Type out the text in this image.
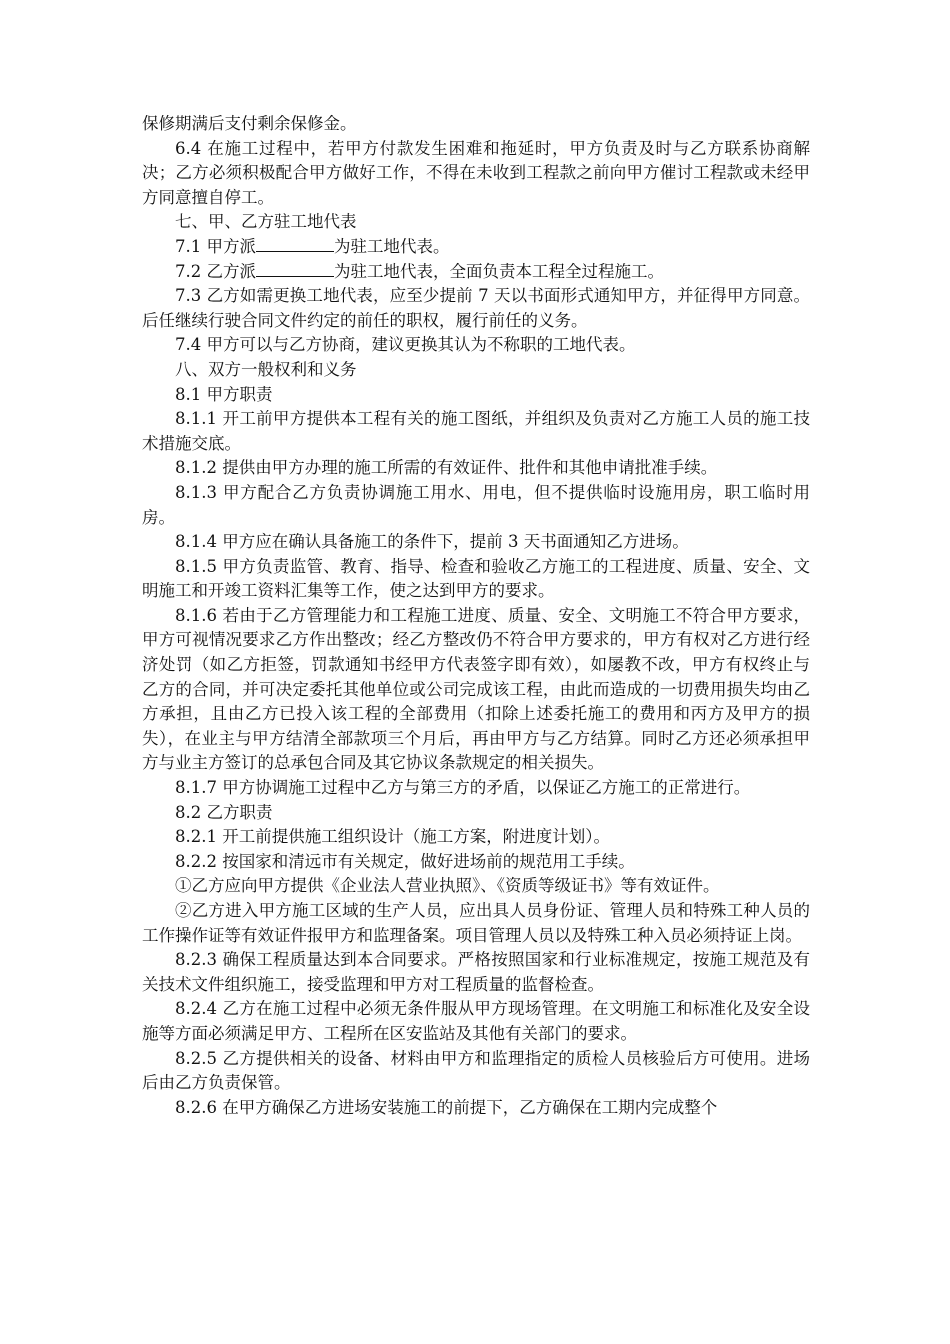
保修期满后支付剩余保修金。

6.4 在施工过程中，若甲方付款发生困难和拖延时，甲方负责及时与乙方联系协商解决；乙方必须积极配合甲方做好工作，不得在未收到工程款之前向甲方催讨工程款或未经甲方同意擅自停工。

七、甲、乙方驻工地代表

7.1 甲方派	为驻工地代表。

7.2 乙方派	为驻工地代表，全面负责本工程全过程施工。

7.3 乙方如需更换工地代表，应至少提前 7 天以书面形式通知甲方，并征得甲方同意。后任继续行驶合同文件约定的前任的职权，履行前任的义务。

7.4 甲方可以与乙方协商，建议更换其认为不称职的工地代表。

八、双方一般权利和义务

8.1 甲方职责

8.1.1 开工前甲方提供本工程有关的施工图纸，并组织及负责对乙方施工人员的施工技术措施交底。

8.1.2 提供由甲方办理的施工所需的有效证件、批件和其他申请批准手续。

8.1.3 甲方配合乙方负责协调施工用水、用电，但不提供临时设施用房，职工临时用房。

8.1.4 甲方应在确认具备施工的条件下，提前 3 天书面通知乙方进场。

8.1.5 甲方负责监管、教育、指导、检查和验收乙方施工的工程进度、质量、安全、文明施工和开竣工资料汇集等工作，使之达到甲方的要求。

8.1.6 若由于乙方管理能力和工程施工进度、质量、安全、文明施工不符合甲方要求，甲方可视情况要求乙方作出整改；经乙方整改仍不符合甲方要求的，甲方有权对乙方进行经济处罚（如乙方拒签，罚款通知书经甲方代表签字即有效），如屡教不改，甲方有权终止与乙方的合同，并可决定委托其他单位或公司完成该工程，由此而造成的一切费用损失均由乙方承担，且由乙方已投入该工程的全部费用（扣除上述委托施工的费用和丙方及甲方的损失），在业主与甲方结清全部款项三个月后，再由甲方与乙方结算。同时乙方还必须承担甲方与业主方签订的总承包合同及其它协议条款规定的相关损失。

8.1.7 甲方协调施工过程中乙方与第三方的矛盾，以保证乙方施工的正常进行。

8.2 乙方职责

8.2.1 开工前提供施工组织设计（施工方案，附进度计划）。

8.2.2 按国家和清远市有关规定，做好进场前的规范用工手续。

①乙方应向甲方提供《企业法人营业执照》、《资质等级证书》等有效证件。

②乙方进入甲方施工区域的生产人员，应出具人员身份证、管理人员和特殊工种人员的工作操作证等有效证件报甲方和监理备案。项目管理人员以及特殊工种入员必须持证上岗。

8.2.3 确保工程质量达到本合同要求。严格按照国家和行业标准规定，按施工规范及有关技术文件组织施工，接受监理和甲方对工程质量的监督检查。

8.2.4 乙方在施工过程中必须无条件服从甲方现场管理。在文明施工和标准化及安全设施等方面必须满足甲方、工程所在区安监站及其他有关部门的要求。

8.2.5 乙方提供相关的设备、材料由甲方和监理指定的质检人员核验后方可使用。进场后由乙方负责保管。

8.2.6 在甲方确保乙方进场安装施工的前提下，乙方确保在工期内完成整个
